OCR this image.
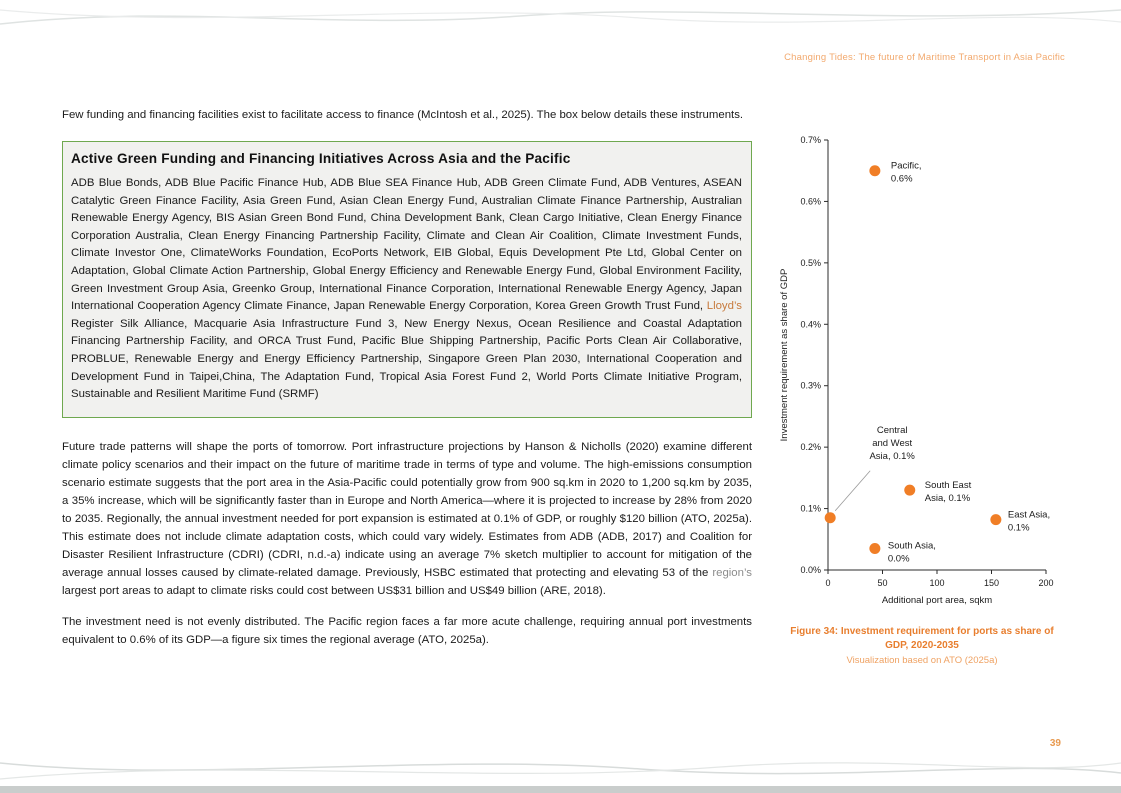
Changing Tides: The future of Maritime Transport in Asia Pacific

Few funding and financing facilities exist to facilitate access to finance (McIntosh et al., 2025). The box below details these instruments.

Active Green Funding and Financing Initiatives Across Asia and the Pacific
ADB Blue Bonds, ADB Blue Pacific Finance Hub, ADB Blue SEA Finance Hub, ADB Green Climate Fund, ADB Ventures, ASEAN Catalytic Green Finance Facility, Asia Green Fund, Asian Clean Energy Fund, Australian Climate Finance Partnership, Australian Renewable Energy Agency, BIS Asian Green Bond Fund, China Development Bank, Clean Cargo Initiative, Clean Energy Finance Corporation Australia, Clean Energy Financing Partnership Facility, Climate and Clean Air Coalition, Climate Investment Funds, Climate Investor One, ClimateWorks Foundation, EcoPorts Network, EIB Global, Equis Development Pte Ltd, Global Center on Adaptation, Global Climate Action Partnership, Global Energy Efficiency and Renewable Energy Fund, Global Environment Facility, Green Investment Group Asia, Greenko Group, International Finance Corporation, International Renewable Energy Agency, Japan International Cooperation Agency Climate Finance, Japan Renewable Energy Corporation, Korea Green Growth Trust Fund, Lloyd’s Register Silk Alliance, Macquarie Asia Infrastructure Fund 3, New Energy Nexus, Ocean Resilience and Coastal Adaptation Financing Partnership Facility, and ORCA Trust Fund, Pacific Blue Shipping Partnership, Pacific Ports Clean Air Collaborative, PROBLUE, Renewable Energy and Energy Efficiency Partnership, Singapore Green Plan 2030, International Cooperation and Development Fund in Taipei,China, The Adaptation Fund, Tropical Asia Forest Fund 2, World Ports Climate Initiative Program, Sustainable and Resilient Maritime Fund (SRMF)

Future trade patterns will shape the ports of tomorrow. Port infrastructure projections by Hanson & Nicholls (2020) examine different climate policy scenarios and their impact on the future of maritime trade in terms of type and volume. The high-emissions consumption scenario estimate suggests that the port area in the Asia-Pacific could potentially grow from 900 sq.km in 2020 to 1,200 sq.km by 2035, a 35% increase, which will be significantly faster than in Europe and North America—where it is projected to increase by 28% from 2020 to 2035. Regionally, the annual investment needed for port expansion is estimated at 0.1% of GDP, or roughly $120 billion (ATO, 2025a). This estimate does not include climate adaptation costs, which could vary widely. Estimates from ADB (ADB, 2017) and Coalition for Disaster Resilient Infrastructure (CDRI) (CDRI, n.d.-a) indicate using an average 7% sketch multiplier to account for mitigation of the average annual losses caused by climate-related damage. Previously, HSBC estimated that protecting and elevating 53 of the region’s largest port areas to adapt to climate risks could cost between US$31 billion and US$49 billion (ARE, 2018).

The investment need is not evenly distributed. The Pacific region faces a far more acute challenge, requiring annual port investments equivalent to 0.6% of its GDP—a figure six times the regional average (ATO, 2025a).

0	50	100	150	200
0.0%
0.1%
0.2%
0.3%
0.4%
0.5%
0.6%
0.7%
Investment requirement as share of GDP
Additional port area, sqkm
Pacific,
0.6%
Central
and West
Asia, 0.1%
South East
Asia, 0.1%
East Asia,
0.1%
South Asia,
0.0%
Figure 34: Investment requirement for ports as share of GDP, 2020-2035
Visualization based on ATO (2025a)
39
